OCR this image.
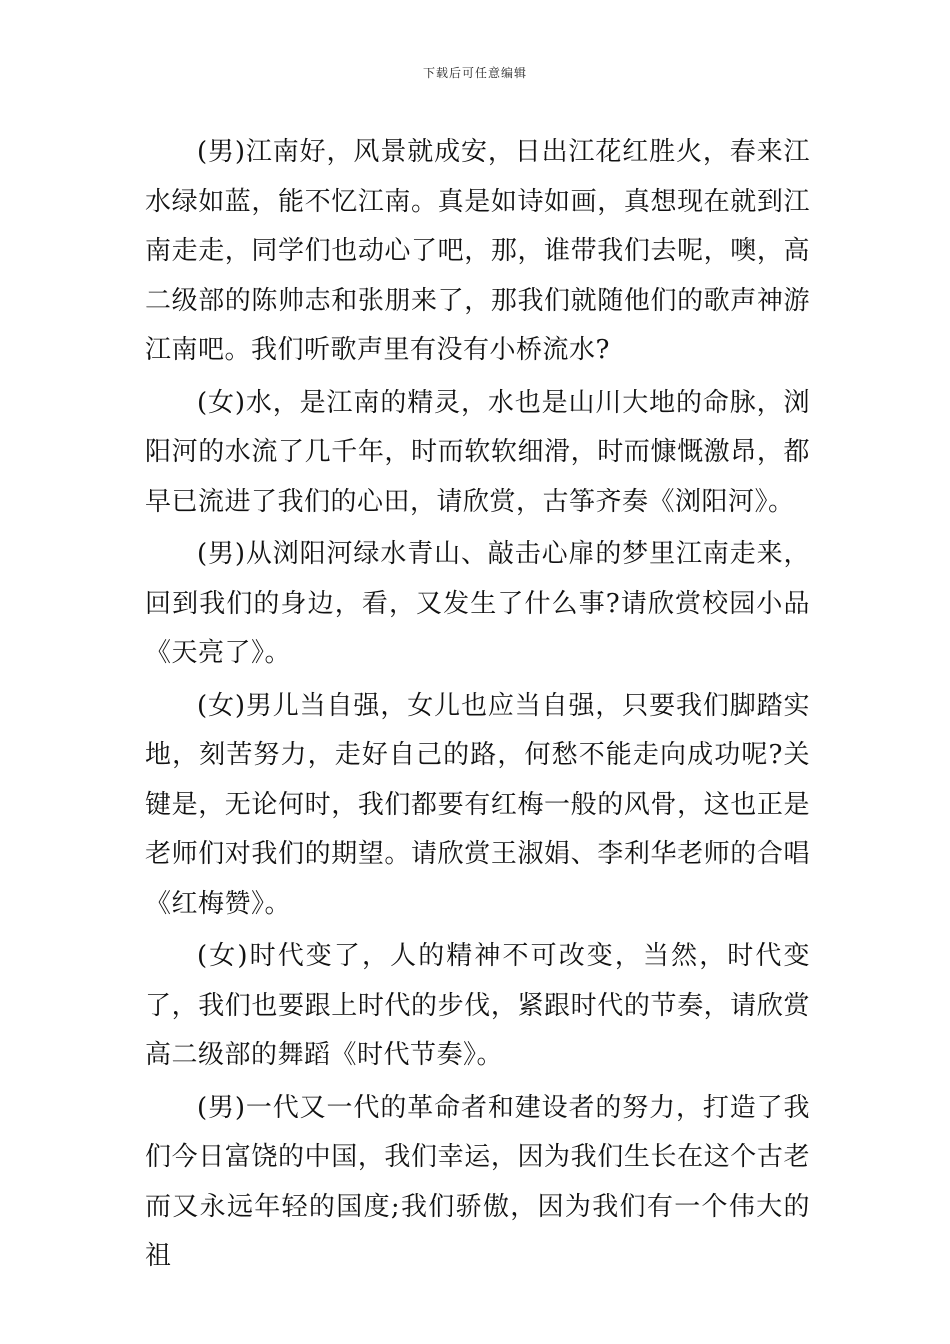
下载后可任意编辑

(男)江南好，风景就成安，日出江花红胜火，春来江水绿如蓝，能不忆江南。真是如诗如画，真想现在就到江南走走，同学们也动心了吧，那，谁带我们去呢，噢，高二级部的陈帅志和张朋来了，那我们就随他们的歌声神游江南吧。我们听歌声里有没有小桥流水?

(女)水，是江南的精灵，水也是山川大地的命脉，浏阳河的水流了几千年，时而软软细滑，时而慷慨激昂，都早已流进了我们的心田，请欣赏，古筝齐奏《浏阳河》。

(男)从浏阳河绿水青山、敲击心扉的梦里江南走来，回到我们的身边，看，又发生了什么事?请欣赏校园小品《天亮了》。

(女)男儿当自强，女儿也应当自强，只要我们脚踏实地，刻苦努力，走好自己的路，何愁不能走向成功呢?关键是，无论何时，我们都要有红梅一般的风骨，这也正是老师们对我们的期望。请欣赏王淑娟、李利华老师的合唱《红梅赞》。

(女)时代变了，人的精神不可改变，当然，时代变了，我们也要跟上时代的步伐，紧跟时代的节奏，请欣赏高二级部的舞蹈《时代节奏》。

(男)一代又一代的革命者和建设者的努力，打造了我们今日富饶的中国，我们幸运，因为我们生长在这个古老而又永远年轻的国度;我们骄傲，因为我们有一个伟大的祖
